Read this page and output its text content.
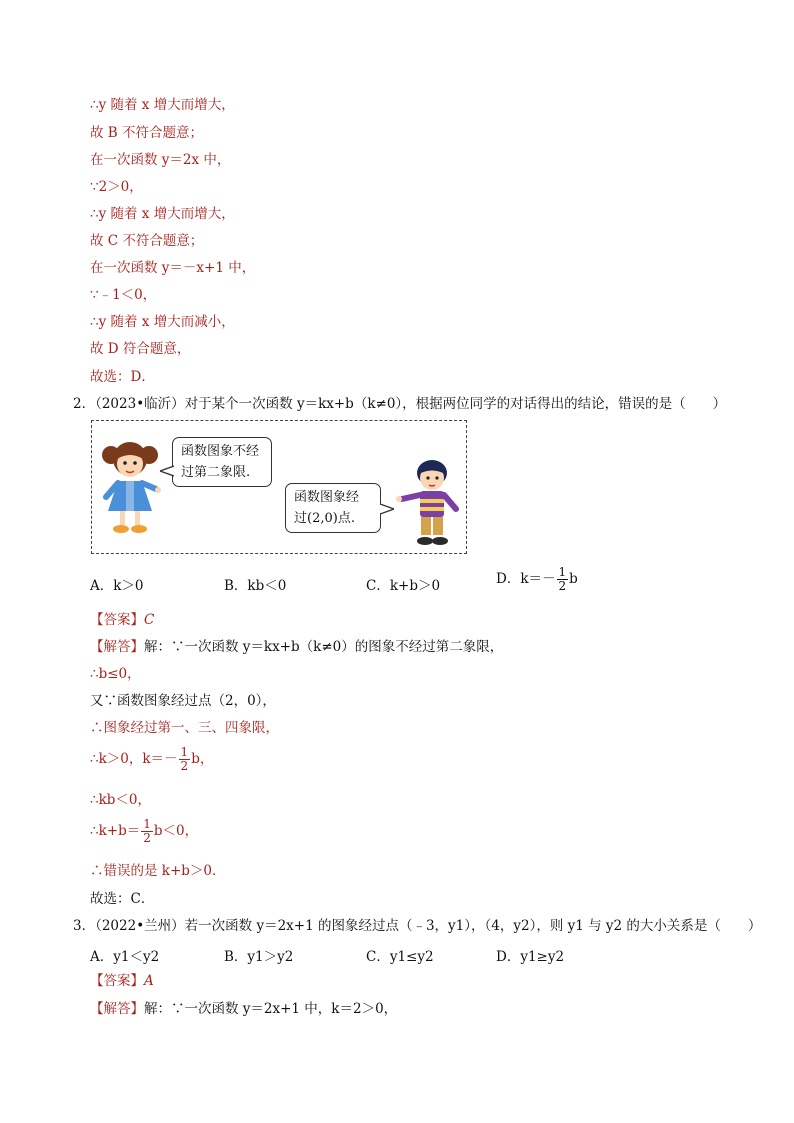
∴y 随着 x 增大而增大，
故 B 不符合题意；
在一次函数 y＝2x 中，
∵2＞0，
∴y 随着 x 增大而增大，
故 C 不符合题意；
在一次函数 y＝－x+1 中，
∵﹣1＜0，
∴y 随着 x 增大而减小，
故 D 符合题意，
故选：D．
2．（2023•临沂）对于某个一次函数 y＝kx+b（k≠0），根据两位同学的对话得出的结论，错误的是（　　）
函数图象不经
过第二象限.
函数图象经
过(2,0)点.
A．k＞0	B．kb＜0	C．k+b＞0	D．$k=- \frac{1}{2}$ b
【答案】C
【解答】解：∵一次函数 y＝kx+b（k≠0）的图象不经过第二象限，
∴b≤0，
又∵函数图象经过点（2，0），
∴图象经过第一、三、四象限，
∴k＞0，$k=- \frac{1}{2}$ b，
∴kb＜0，
∴k+b＝ $\frac{1}{2} b<0$，
∴错误的是 k+b＞0．
故选：C．
3．（2022•兰州）若一次函数 y＝2x+1 的图象经过点（﹣3，y1），（4，y2），则 y1 与 y2 的大小关系是（　　）
A．y1＜y2	B．y1＞y2	C．y1≤y2	D．y1≥y2
【答案】A
【解答】解：∵一次函数 y＝2x+1 中，k＝2＞0，
